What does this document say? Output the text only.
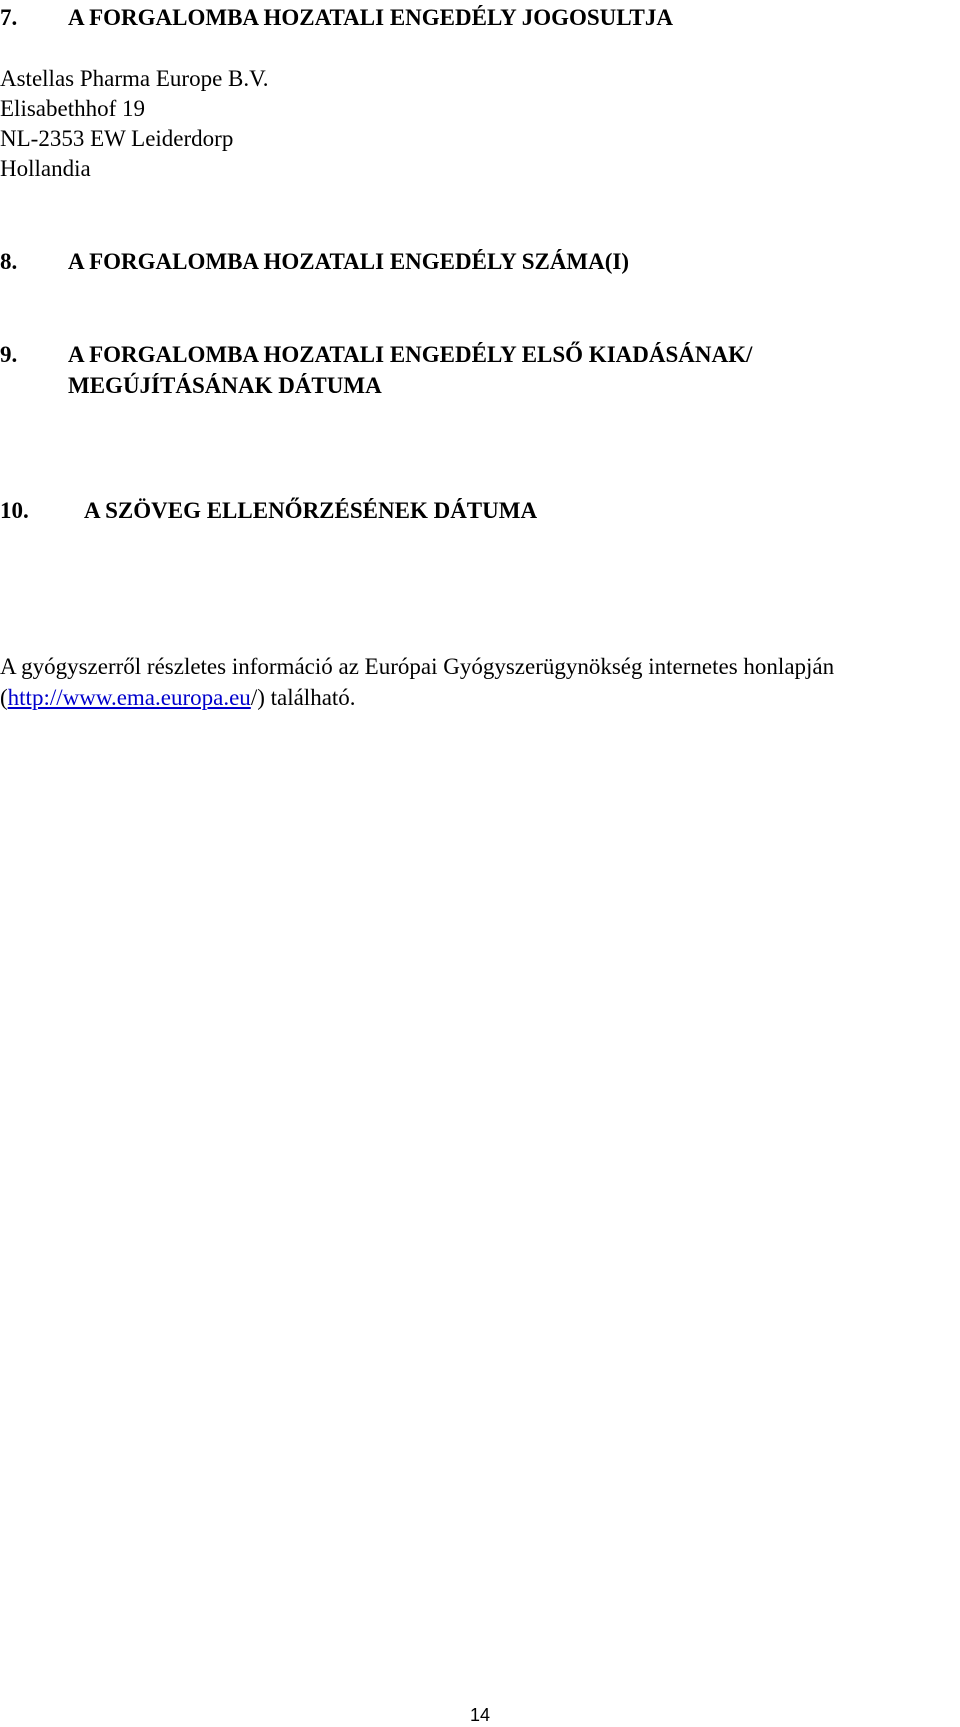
7.	A FORGALOMBA HOZATALI ENGEDÉLY JOGOSULTJA

Astellas Pharma Europe B.V.

Elisabethhof 19

NL-2353 EW Leiderdorp

Hollandia

8.	A FORGALOMBA HOZATALI ENGEDÉLY SZÁMA(I)
9.	A FORGALOMBA HOZATALI ENGEDÉLY ELSŐ KIADÁSÁNAK/
MEGÚJÍTÁSÁNAK DÁTUMA
10.	A SZÖVEG ELLENŐRZÉSÉNEK DÁTUMA

A gyógyszerről részletes információ az Európai Gyógyszerügynökség internetes honlapján

(http://www.ema.europa.eu/) található.

14
